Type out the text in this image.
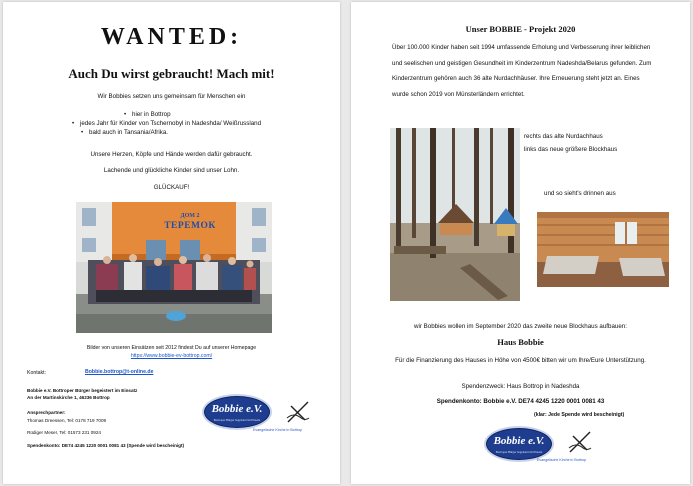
WANTED:
Auch Du wirst gebraucht! Mach mit!
Wir Bobbies setzen uns gemeinsam für Menschen ein
• hier in Bottrop
• jedes Jahr für Kinder von Tschernobyl in Nadeshda/ Weißrussland
• bald auch in Tansania/Afrika.
Unsere Herzen, Köpfe und Hände werden dafür gebraucht.
Lachende und glückliche Kinder sind unser Lohn.
GLÜCKAUF!
ДОМ 2
ТЕРЕМОК
Bilder von unseren Einsätzen seit 2012 findest Du auf unserer Homepage
https://www.bobbie-ev-bottrop.com/
Kontakt:	Bobbie.bottrop@t-online.de
Bobbie e.V. Bottroper Bürger begeistert im Einsatz
An der Martinskirche 1, 46236 Bottrop
Ansprechpartner:
Thomas Dreessen, Tel: 0178 719 7009
Rüdiger Meser, Tel: 01573 231 0924
Spendenkonto: DE74 4245 1220 0001 0081 43 (Spende wird bescheinigt)
Bobbie e.V.
Bottroper Bürger begeistert im Einsatz
Evangelische Kirche in Bottrop
Unser BOBBIE - Projekt 2020
Über 100.000 Kinder haben seit 1994 umfassende Erholung und Verbesserung ihrer leiblichen und seelischen und geistigen Gesundheit im Kinderzentrum Nadeshda/Belarus gefunden. Zum Kinderzentrum gehören auch 36 alte Nurdachhäuser. Ihre Erneuerung steht jetzt an. Eines wurde schon 2019 von Münsterländern errichtet.
rechts das alte Nurdachhaus
links das neue größere Blockhaus
und so sieht's drinnen aus
wir Bobbies wollen im September 2020 das zweite neue Blockhaus aufbauen:
Haus Bobbie
Für die Finanzierung des Hauses in Höhe von 4500€ bitten wir um Ihre/Eure Unterstützung.
Spendenzweck: Haus Bottrop in Nadeshda
Spendenkonto: Bobbie e.V. DE74 4245 1220 0001 0081 43
(klar: Jede Spende wird bescheinigt)
Bobbie e.V.
Bottroper Bürger begeistert im Einsatz
Evangelische Kirche in Bottrop
